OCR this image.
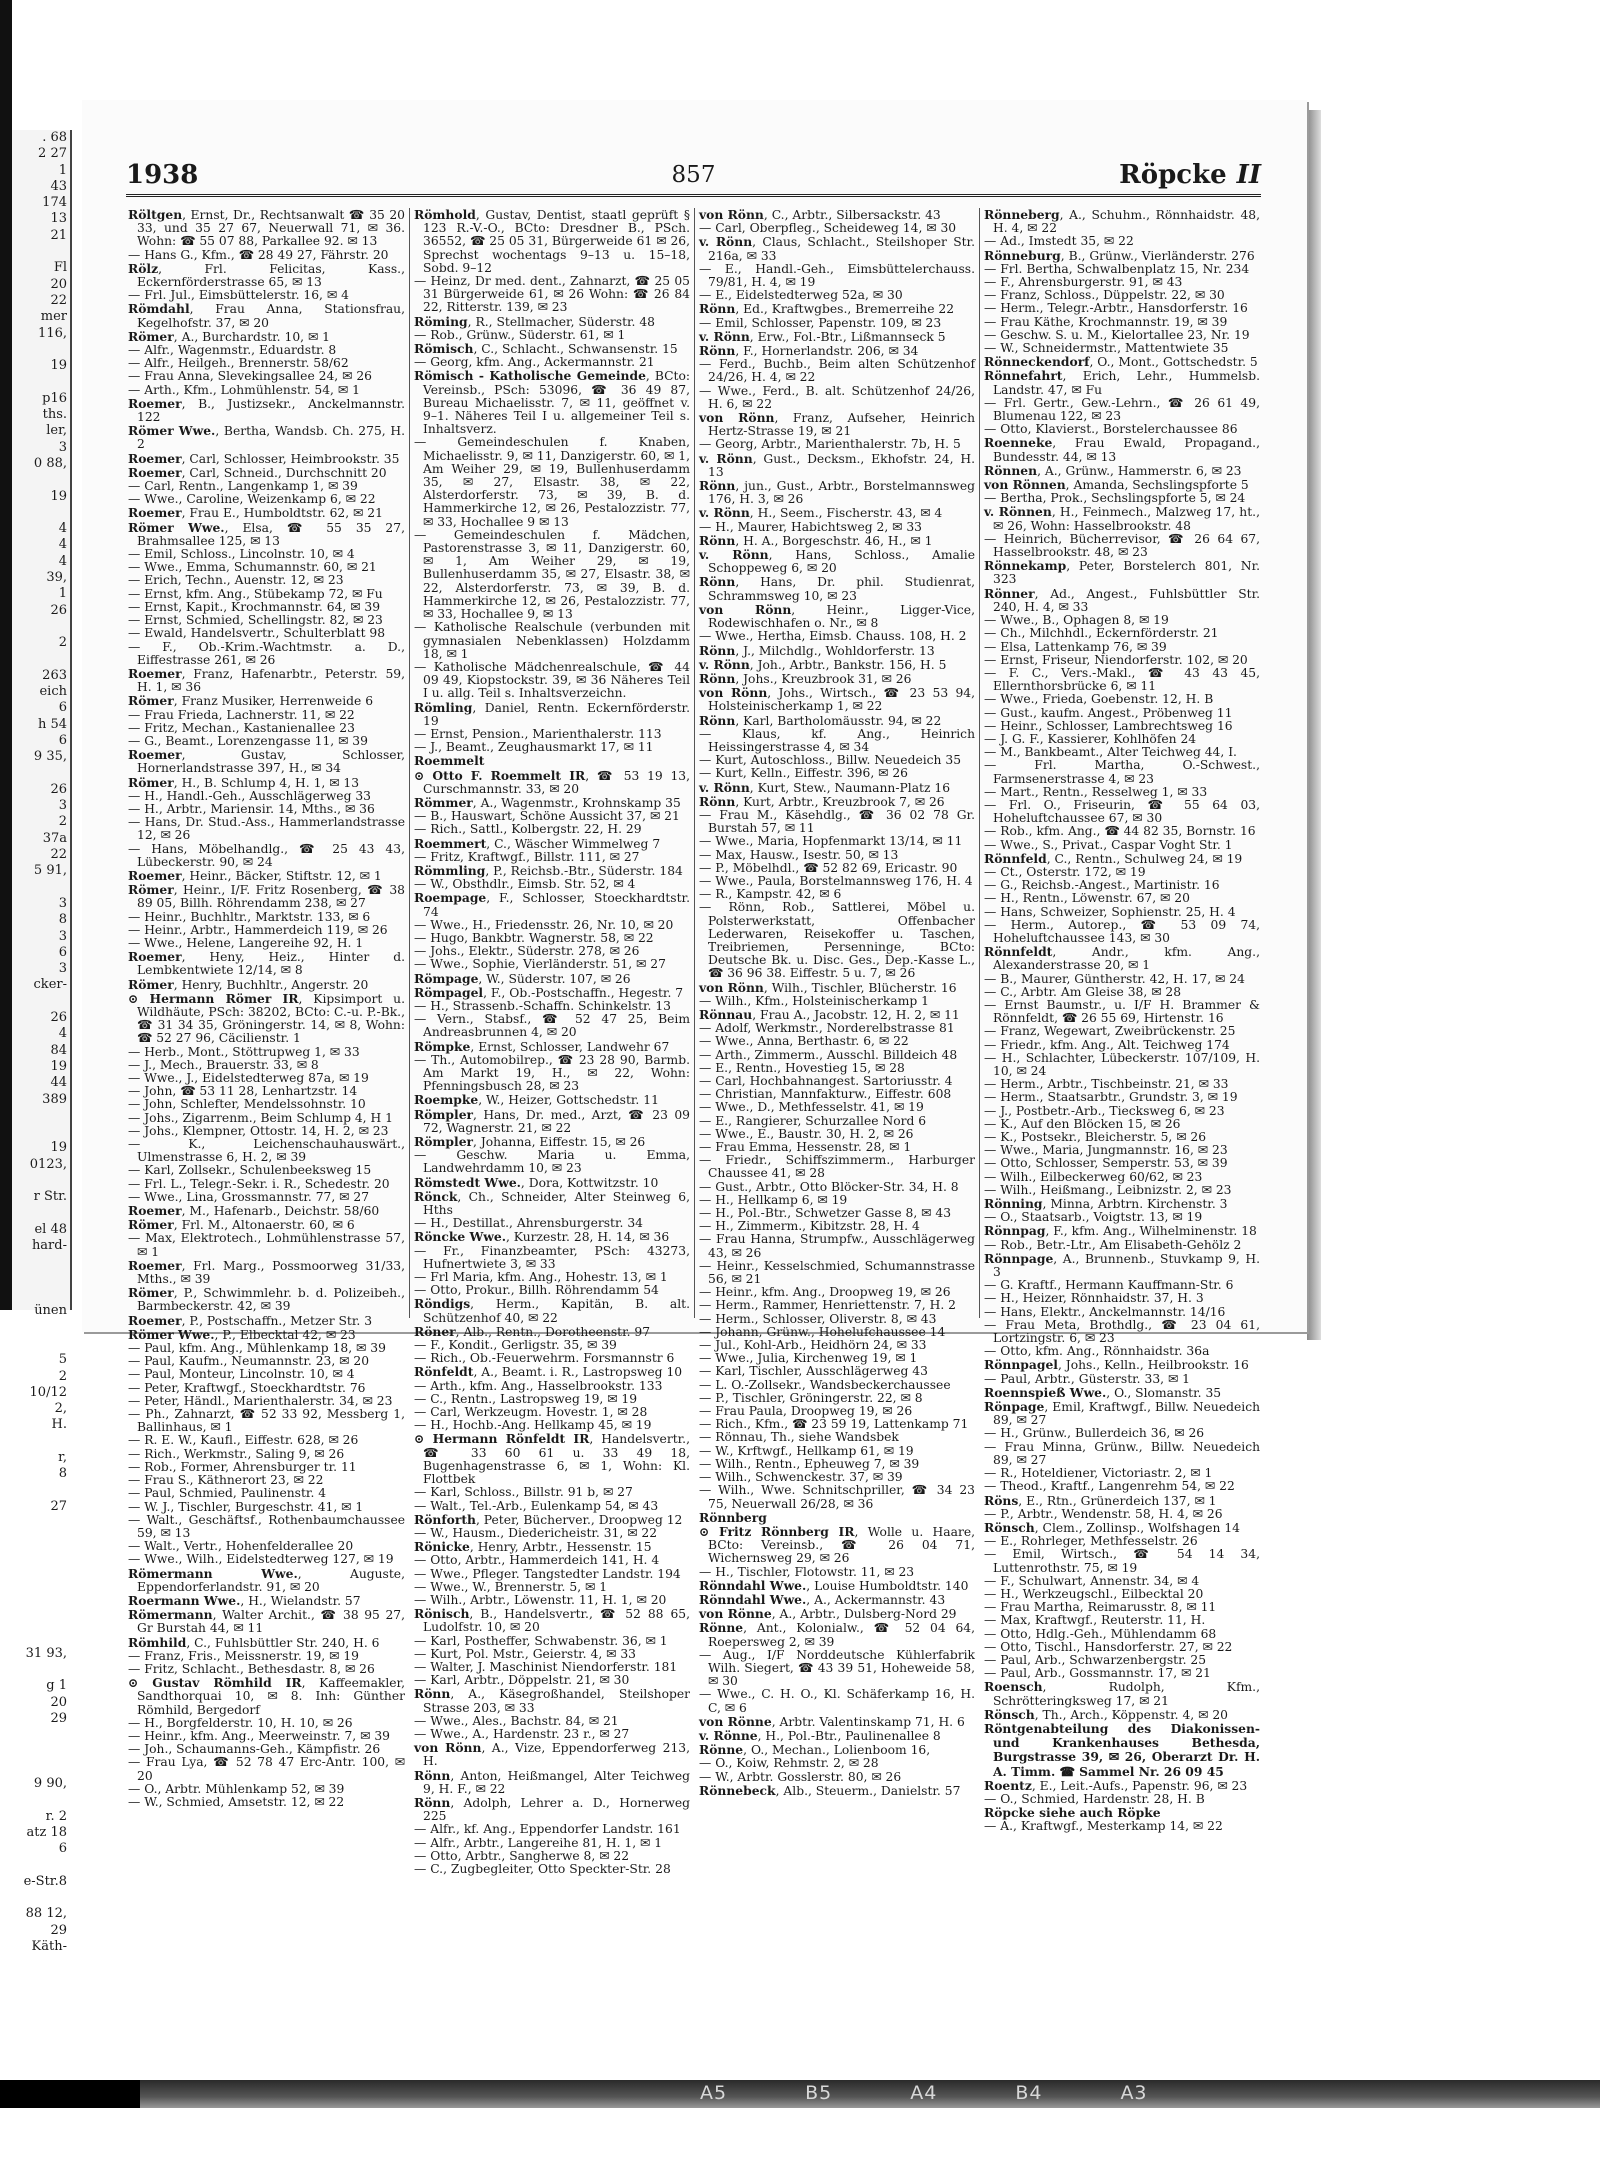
. 68
2 27
1
43
174
13
21

Fl
20
22
mer
116,

19

p16
ths.
ler,
3
0 88,

19

4
4
4
39,
1
26

2

263
eich
6
h 54
6
9 35,

26
3
2
37a
22
5 91,

3
8
3
6
3
cker-

26
4
84
19
44
389

19
0123,

r Str.

el 48
hard-

ünen

5
2
10/12
2,
H.

r,
8

27

31 93,

g 1
20
29

9 90,

r. 2
atz 18
6

e-Str.8

88 12,
29
Käth-
1938	857	Röpcke II

Röltgen, Ernst, Dr., Rechtsanwalt ☎ 35 20 33, und 35 27 67, Neuerwall 71, ✉ 36. Wohn: ☎ 55 07 88, Parkallee 92. ✉ 13

— Hans G., Kfm., ☎ 28 49 27, Fährstr. 20

Rölz, Frl. Felicitas, Kass., Eckernförderstrasse 65, ✉ 13

— Frl. Jul., Eimsbüttelerstr. 16, ✉ 4

Römdahl, Frau Anna, Stationsfrau, Kegelhofstr. 37, ✉ 20

Römer, A., Burchardstr. 10, ✉ 1

— Alfr., Wagenmstr., Eduardstr. 8

— Alfr., Heilgeh., Brennerstr. 58/62

— Frau Anna, Slevekingsallee 24, ✉ 26

— Arth., Kfm., Lohmühlenstr. 54, ✉ 1

Roemer, B., Justizsekr., Anckelmannstr. 122

Römer Wwe., Bertha, Wandsb. Ch. 275, H. 2

Roemer, Carl, Schlosser, Heimbrookstr. 35

Roemer, Carl, Schneid., Durchschnitt 20

— Carl, Rentn., Langenkamp 1, ✉ 39

— Wwe., Caroline, Weizenkamp 6, ✉ 22

Roemer, Frau E., Humboldtstr. 62, ✉ 21

Römer Wwe., Elsa, ☎ 55 35 27, Brahmsallee 125, ✉ 13

— Emil, Schloss., Lincolnstr. 10, ✉ 4

— Wwe., Emma, Schumannstr. 60, ✉ 21

— Erich, Techn., Auenstr. 12, ✉ 23

— Ernst, kfm. Ang., Stübekamp 72, ✉ Fu

— Ernst, Kapit., Krochmannstr. 64, ✉ 39

— Ernst, Schmied, Schellingstr. 82, ✉ 23

— Ewald, Handelsvertr., Schulterblatt 98

— F., Ob.-Krim.-Wachtmstr. a. D., Eiffestrasse 261, ✉ 26

Roemer, Franz, Hafenarbtr., Peterstr. 59, H. 1, ✉ 36

Römer, Franz Musiker, Herrenweide 6

— Frau Frieda, Lachnerstr. 11, ✉ 22

— Fritz, Mechan., Kastanienallee 23

— G., Beamt., Lorenzengasse 11, ✉ 39

Roemer, Gustav, Schlosser, Hornerlandstrasse 397, H., ✉ 34

Römer, H., B. Schlump 4, H. 1, ✉ 13

— H., Handl.-Geh., Ausschlägerweg 33

— H., Arbtr., Mariensir. 14, Mths., ✉ 36

— Hans, Dr. Stud.-Ass., Hammerlandstrasse 12, ✉ 26

— Hans, Möbelhandlg., ☎ 25 43 43, Lübeckerstr. 90, ✉ 24

Roemer, Heinr., Bäcker, Stiftstr. 12, ✉ 1

Römer, Heinr., I/F. Fritz Rosenberg, ☎ 38 89 05, Billh. Röhrendamm 238, ✉ 27

— Heinr., Buchhltr., Marktstr. 133, ✉ 6

— Heinr., Arbtr., Hammerdeich 119, ✉ 26

— Wwe., Helene, Langereihe 92, H. 1

Roemer, Heny, Heiz., Hinter d. Lembkentwiete 12/14, ✉ 8

Römer, Henry, Buchhltr., Angerstr. 20

⊙ Hermann Römer IR, Kipsimport u. Wildhäute, PSch: 38202, BCto: C.-u. P.-Bk., ☎ 31 34 35, Gröningerstr. 14, ✉ 8, Wohn: ☎ 52 27 96, Cäcilienstr. 1

— Herb., Mont., Stöttrupweg 1, ✉ 33

— J., Mech., Brauerstr. 33, ✉ 8

— Wwe., J., Eidelstedterweg 87a, ✉ 19

— John, ☎ 53 11 28, Lenhartzstr. 14

— John, Schlefter, Mendelssohnstr. 10

— Johs., Zigarrenm., Beim Schlump 4, H 1

— Johs., Klempner, Ottostr. 14, H. 2, ✉ 23

— K., Leichenschauhauswärt., Ulmenstrasse 6, H. 2, ✉ 39

— Karl, Zollsekr., Schulenbeeksweg 15

— Frl. L., Telegr.-Sekr. i. R., Schedestr. 20

— Wwe., Lina, Grossmannstr. 77, ✉ 27

Roemer, M., Hafenarb., Deichstr. 58/60

Römer, Frl. M., Altonaerstr. 60, ✉ 6

— Max, Elektrotech., Lohmühlenstrasse 57, ✉ 1

Roemer, Frl. Marg., Possmoorweg 31/33, Mths., ✉ 39

Römer, P., Schwimmlehr. b. d. Polizeibeh., Barmbeckerstr. 42, ✉ 39

Roemer, P., Postschaffn., Metzer Str. 3

Römer Wwe., P., Elbecktal 42, ✉ 23

— Paul, kfm. Ang., Mühlenkamp 18, ✉ 39

— Paul, Kaufm., Neumannstr. 23, ✉ 20

— Paul, Monteur, Lincolnstr. 10, ✉ 4

— Peter, Kraftwgf., Stoeckhardtstr. 76

— Peter, Händl., Marienthalerstr. 34, ✉ 23

— Ph., Zahnarzt, ☎ 52 33 92, Messberg 1, Ballinhaus, ✉ 1

— R. E. W., Kaufl., Eiffestr. 628, ✉ 26

— Rich., Werkmstr., Saling 9, ✉ 26

— Rob., Former, Ahrensburger tr. 11

— Frau S., Käthnerort 23, ✉ 22

— Paul, Schmied, Paulinenstr. 4

— W. J., Tischler, Burgeschstr. 41, ✉ 1

— Walt., Geschäftsf., Rothenbaumchaussee 59, ✉ 13

— Walt., Vertr., Hohenfelderallee 20

— Wwe., Wilh., Eidelstedterweg 127, ✉ 19

Römermann Wwe., Auguste, Eppendorferlandstr. 91, ✉ 20

Roermann Wwe., H., Wielandstr. 57

Römermann, Walter Archit., ☎ 38 95 27, Gr Burstah 44, ✉ 11

Römhild, C., Fuhlsbüttler Str. 240, H. 6

— Franz, Fris., Meissnerstr. 19, ✉ 19

— Fritz, Schlacht., Bethesdastr. 8, ✉ 26

⊙ Gustav Römhild IR, Kaffeemakler, Sandthorquai 10, ✉ 8. Inh: Günther Römhild, Bergedorf

— H., Borgfelderstr. 10, H. 10, ✉ 26

— Heinr., kfm. Ang., Meerweinstr. 7, ✉ 39

— Joh., Schaumanns-Geh., Kämpfistr. 26

— Frau Lya, ☎ 52 78 47 Erc-Antr. 100, ✉ 20

— O., Arbtr. Mühlenkamp 52, ✉ 39

— W., Schmied, Amsetstr. 12, ✉ 22

Römhold, Gustav, Dentist, staatl geprüft § 123 R.-V.-O., BCto: Dresdner B., PSch. 36552, ☎ 25 05 31, Bürgerweide 61 ✉ 26, Sprechst wochentags 9–13 u. 15–18, Sobd. 9–12

— Heinz, Dr med. dent., Zahnarzt, ☎ 25 05 31 Bürgerweide 61, ✉ 26 Wohn: ☎ 26 84 22, Ritterstr. 139, ✉ 23

Röming, R., Stellmacher, Süderstr. 48

— Rob., Grünw., Süderstr. 61, ✉ 1

Römisch, C., Schlacht., Schwansenstr. 15

— Georg, kfm. Ang., Ackermannstr. 21

Römisch - Katholische Gemeinde, BCto: Vereinsb., PSch: 53096, ☎ 36 49 87, Bureau Michaelisstr. 7, ✉ 11, geöffnet v. 9–1. Näheres Teil I u. allgemeiner Teil s. Inhaltsverz.

— Gemeindeschulen f. Knaben, Michaelisstr. 9, ✉ 11, Danzigerstr. 60, ✉ 1, Am Weiher 29, ✉ 19, Bullenhuserdamm 35, ✉ 27, Elsastr. 38, ✉ 22, Alsterdorferstr. 73, ✉ 39, B. d. Hammerkirche 12, ✉ 26, Pestalozzistr. 77, ✉ 33, Hochallee 9 ✉ 13

— Gemeindeschulen f. Mädchen, Pastorenstrasse 3, ✉ 11, Danzigerstr. 60, ✉ 1, Am Weiher 29, ✉ 19, Bullenhuserdamm 35, ✉ 27, Elsastr. 38, ✉ 22, Alsterdorferstr. 73, ✉ 39, B. d. Hammerkirche 12, ✉ 26, Pestalozzistr. 77, ✉ 33, Hochallee 9, ✉ 13

— Katholische Realschule (verbunden mit gymnasialen Nebenklassen) Holzdamm 18, ✉ 1

— Katholische Mädchenrealschule, ☎ 44 09 49, Kiopstockstr. 39, ✉ 36 Näheres Teil I u. allg. Teil s. Inhaltsverzeichn.

Römling, Daniel, Rentn. Eckernförderstr. 19

— Ernst, Pension., Marienthalerstr. 113

— J., Beamt., Zeughausmarkt 17, ✉ 11

Roemmelt

⊙ Otto F. Roemmelt IR, ☎ 53 19 13, Curschmannstr. 33, ✉ 20

Römmer, A., Wagenmstr., Krohnskamp 35

— B., Hauswart, Schöne Aussicht 37, ✉ 21

— Rich., Sattl., Kolbergstr. 22, H. 29

Roemmert, C., Wäscher Wimmelweg 7

— Fritz, Kraftwgf., Billstr. 111, ✉ 27

Römmling, P., Reichsb.-Btr., Süderstr. 184

— W., Obsthdlr., Eimsb. Str. 52, ✉ 4

Roempage, F., Schlosser, Stoeckhardtstr. 74

— Wwe., H., Friedensstr. 26, Nr. 10, ✉ 20

— Hugo, Bankbtr. Wagnerstr. 58, ✉ 22

— Johs., Elektr., Süderstr. 278, ✉ 26

— Wwe., Sophie, Vierländerstr. 51, ✉ 27

Römpage, W., Süderstr. 107, ✉ 26

Römpagel, F., Ob.-Postschaffn., Hegestr. 7

— H., Strassenb.-Schaffn. Schinkelstr. 13

— Vern., Stabsf., ☎ 52 47 25, Beim Andreasbrunnen 4, ✉ 20

Römpke, Ernst, Schlosser, Landwehr 67

— Th., Automobilrep., ☎ 23 28 90, Barmb. Am Markt 19, H., ✉ 22, Wohn: Pfenningsbusch 28, ✉ 23

Roempke, W., Heizer, Gottschedstr. 11

Römpler, Hans, Dr. med., Arzt, ☎ 23 09 72, Wagnerstr. 21, ✉ 22

Römpler, Johanna, Eiffestr. 15, ✉ 26

— Geschw. Maria u. Emma, Landwehrdamm 10, ✉ 23

Römstedt Wwe., Dora, Kottwitzstr. 10

Rönck, Ch., Schneider, Alter Steinweg 6, Hths

— H., Destillat., Ahrensburgerstr. 34

Röncke Wwe., Kurzestr. 28, H. 14, ✉ 36

— Fr., Finanzbeamter, PSch: 43273, Hufnertwiete 3, ✉ 33

— Frl Maria, kfm. Ang., Hohestr. 13, ✉ 1

— Otto, Prokur., Billh. Röhrendamm 54

Röndigs, Herm., Kapitän, B. alt. Schützenhof 40, ✉ 22

Röner, Alb., Rentn., Dorotheenstr. 97

— F., Kondit., Gerligstr. 35, ✉ 39

— Rich., Ob.-Feuerwehrm. Forsmannstr 6

Rönfeldt, A., Beamt. i. R., Lastropsweg 10

— Arth., kfm. Ang., Hasselbrookstr. 133

— C., Rentn., Lastropsweg 19, ✉ 19

— Carl, Werkzeugm. Hovestr. 1, ✉ 28

— H., Hochb.-Ang. Hellkamp 45, ✉ 19

⊙ Hermann Rönfeldt IR, Handelsvertr., ☎ 33 60 61 u. 33 49 18, Bugenhagenstrasse 6, ✉ 1, Wohn: Kl. Flottbek

— Karl, Schloss., Billstr. 91 b, ✉ 27

— Walt., Tel.-Arb., Eulenkamp 54, ✉ 43

Rönforth, Peter, Bücherver., Droopweg 12

— W., Hausm., Diedericheistr. 31, ✉ 22

Rönicke, Henry, Arbtr., Hessenstr. 15

— Otto, Arbtr., Hammerdeich 141, H. 4

— Wwe., Pfleger. Tangstedter Landstr. 194

— Wwe., W., Brennerstr. 5, ✉ 1

— Wilh., Arbtr., Löwenstr. 11, H. 1, ✉ 20

Rönisch, B., Handelsvertr., ☎ 52 88 65, Ludolfstr. 10, ✉ 20

— Karl, Postheffer, Schwabenstr. 36, ✉ 1

— Kurt, Pol. Mstr., Geierstr. 4, ✉ 33

— Walter, J. Maschinist Niendorferstr. 181

— Karl, Arbtr., Döppelstr. 21, ✉ 30

Rönn, A., Käsegroßhandel, Steilshoper Strasse 203, ✉ 33

— Wwe., Ales., Bachstr. 84, ✉ 21

— Wwe., A., Hardenstr. 23 r., ✉ 27

von Rönn, A., Vize, Eppendorferweg 213, H.

Rönn, Anton, Heißmangel, Alter Teichweg 9, H. F., ✉ 22

Rönn, Adolph, Lehrer a. D., Hornerweg 225

— Alfr., kf. Ang., Eppendorfer Landstr. 161

— Alfr., Arbtr., Langereihe 81, H. 1, ✉ 1

— Otto, Arbtr., Sangherwe 8, ✉ 22

— C., Zugbegleiter, Otto Speckter-Str. 28

von Rönn, C., Arbtr., Silbersackstr. 43

— Carl, Oberpfleg., Scheideweg 14, ✉ 30

v. Rönn, Claus, Schlacht., Steilshoper Str. 216a, ✉ 33

— E., Handl.-Geh., Eimsbüttelerchauss. 79/81, H. 4, ✉ 19

— E., Eidelstedterweg 52a, ✉ 30

Rönn, Ed., Kraftwgbes., Bremerreihe 22

— Emil, Schlosser, Papenstr. 109, ✉ 23

v. Rönn, Erw., Fol.-Btr., Lißmannseck 5

Rönn, F., Hornerlandstr. 206, ✉ 34

— Ferd., Buchb., Beim alten Schützenhof 24/26, H. 4, ✉ 22

— Wwe., Ferd., B. alt. Schützenhof 24/26, H. 6, ✉ 22

von Rönn, Franz, Aufseher, Heinrich Hertz-Strasse 19, ✉ 21

— Georg, Arbtr., Marienthalerstr. 7b, H. 5

v. Rönn, Gust., Decksm., Ekhofstr. 24, H. 13

Rönn, jun., Gust., Arbtr., Borstelmannsweg 176, H. 3, ✉ 26

v. Rönn, H., Seem., Fischerstr. 43, ✉ 4

— H., Maurer, Habichtsweg 2, ✉ 33

Rönn, H. A., Borgeschstr. 46, H., ✉ 1

v. Rönn, Hans, Schloss., Amalie Schoppeweg 6, ✉ 20

Rönn, Hans, Dr. phil. Studienrat, Schrammsweg 10, ✉ 23

von Rönn, Heinr., Ligger-Vice, Rodewischhafen o. Nr., ✉ 8

— Wwe., Hertha, Eimsb. Chauss. 108, H. 2

Rönn, J., Milchdlg., Wohldorferstr. 13

v. Rönn, Joh., Arbtr., Bankstr. 156, H. 5

Rönn, Johs., Kreuzbrook 31, ✉ 26

von Rönn, Johs., Wirtsch., ☎ 23 53 94, Holsteinischerkamp 1, ✉ 22

Rönn, Karl, Bartholomäusstr. 94, ✉ 22

— Klaus, kf. Ang., Heinrich Heissingerstrasse 4, ✉ 34

— Kurt, Autoschloss., Billw. Neuedeich 35

— Kurt, Kelln., Eiffestr. 396, ✉ 26

v. Rönn, Kurt, Stew., Naumann-Platz 16

Rönn, Kurt, Arbtr., Kreuzbrook 7, ✉ 26

— Frau M., Käsehdlg., ☎ 36 02 78 Gr. Burstah 57, ✉ 11

— Wwe., Maria, Hopfenmarkt 13/14, ✉ 11

— Max, Hausw., Isestr. 50, ✉ 13

— P., Möbelhdl., ☎ 52 82 69, Ericastr. 90

— Wwe., Paula, Borstelmannsweg 176, H. 4

— R., Kampstr. 42, ✉ 6

— Rönn, Rob., Sattlerei, Möbel u. Polsterwerkstatt, Offenbacher Lederwaren, Reisekoffer u. Taschen, Treibriemen, Persenninge, BCto: Deutsche Bk. u. Disc. Ges., Dep.-Kasse L., ☎ 36 96 38. Eiffestr. 5 u. 7, ✉ 26

von Rönn, Wilh., Tischler, Blücherstr. 16

— Wilh., Kfm., Holsteinischerkamp 1

Rönnau, Frau A., Jacobstr. 12, H. 2, ✉ 11

— Adolf, Werkmstr., Norderelbstrasse 81

— Wwe., Anna, Berthastr. 6, ✉ 22

— Arth., Zimmerm., Ausschl. Billdeich 48

— E., Rentn., Hovestieg 15, ✉ 28

— Carl, Hochbahnangest. Sartoriusstr. 4

— Christian, Mannfakturw., Eiffestr. 608

— Wwe., D., Methfesselstr. 41, ✉ 19

— E., Rangierer, Schurzallee Nord 6

— Wwe., E., Baustr. 30, H. 2, ✉ 26

— Frau Emma, Hessenstr. 28, ✉ 1

— Friedr., Schiffszimmerm., Harburger Chaussee 41, ✉ 28

— Gust., Arbtr., Otto Blöcker-Str. 34, H. 8

— H., Hellkamp 6, ✉ 19

— H., Pol.-Btr., Schwetzer Gasse 8, ✉ 43

— H., Zimmerm., Kibitzstr. 28, H. 4

— Frau Hanna, Strumpfw., Ausschlägerweg 43, ✉ 26

— Heinr., Kesselschmied, Schumannstrasse 56, ✉ 21

— Heinr., kfm. Ang., Droopweg 19, ✉ 26

— Herm., Rammer, Henriettenstr. 7, H. 2

— Herm., Schlosser, Oliverstr. 8, ✉ 43

— Johann, Grünw., Hohelufchaussee 14

— Jul., Kohl-Arb., Heidhörn 24, ✉ 33

— Wwe., Julia, Kirchenweg 19, ✉ 1

— Karl, Tischler, Ausschlägerweg 43

— L. O.-Zollsekr., Wandsbeckerchaussee

— P., Tischler, Gröningerstr. 22, ✉ 8

— Frau Paula, Droopweg 19, ✉ 26

— Rich., Kfm., ☎ 23 59 19, Lattenkamp 71

— Rönnau, Th., siehe Wandsbek

— W., Krftwgf., Hellkamp 61, ✉ 19

— Wilh., Rentn., Epheuweg 7, ✉ 39

— Wilh., Schwenckestr. 37, ✉ 39

— Wilh., Wwe. Schnitschpriller, ☎ 34 23 75, Neuerwall 26/28, ✉ 36

Rönnberg

⊙ Fritz Rönnberg IR, Wolle u. Haare, BCto: Vereinsb., ☎ 26 04 71, Wichernsweg 29, ✉ 26

— H., Tischler, Flotowstr. 11, ✉ 23

Rönndahl Wwe., Louise Humboldtstr. 140

Rönndahl Wwe., A., Ackermannstr. 43

von Rönne, A., Arbtr., Dulsberg-Nord 29

Rönne, Ant., Kolonialw., ☎ 52 04 64, Roepersweg 2, ✉ 39

— Aug., I/F Norddeutsche Kühlerfabrik Wilh. Siegert, ☎ 43 39 51, Hoheweide 58, ✉ 30

— Wwe., C. H. O., Kl. Schäferkamp 16, H. C, ✉ 6

von Rönne, Arbtr. Valentinskamp 71, H. 6

v. Rönne, H., Pol.-Btr., Paulinenallee 8

Rönne, O., Mechan., Lolienboom 16,

— O., Koiw, Rehmstr. 2, ✉ 28

— W., Arbtr. Gosslerstr. 80, ✉ 26

Rönnebeck, Alb., Steuerm., Danielstr. 57

Rönneberg, A., Schuhm., Rönnhaidstr. 48, H. 4, ✉ 22

— Ad., Imstedt 35, ✉ 22

Rönneburg, B., Grünw., Vierländerstr. 276

— Frl. Bertha, Schwalbenplatz 15, Nr. 234

— F., Ahrensburgerstr. 91, ✉ 43

— Franz, Schloss., Düppelstr. 22, ✉ 30

— Herm., Telegr.-Arbtr., Hansdorferstr. 16

— Frau Käthe, Krochmannstr. 19, ✉ 39

— Geschw. S. u. M., Kielortallee 23, Nr. 19

— W., Schneidermstr., Mattentwiete 35

Rönneckendorf, O., Mont., Gottschedstr. 5

Rönnefahrt, Erich, Lehr., Hummelsb. Landstr. 47, ✉ Fu

— Frl. Gertr., Gew.-Lehrn., ☎ 26 61 49, Blumenau 122, ✉ 23

— Otto, Klavierst., Borstelerchaussee 86

Roenneke, Frau Ewald, Propagand., Bundesstr. 44, ✉ 13

Rönnen, A., Grünw., Hammerstr. 6, ✉ 23

von Rönnen, Amanda, Sechslingspforte 5

— Bertha, Prok., Sechslingspforte 5, ✉ 24

v. Rönnen, H., Feinmech., Malzweg 17, ht., ✉ 26, Wohn: Hasselbrookstr. 48

— Heinrich, Bücherrevisor, ☎ 26 64 67, Hasselbrookstr. 48, ✉ 23

Rönnekamp, Peter, Borstelerch 801, Nr. 323

Rönner, Ad., Angest., Fuhlsbüttler Str. 240, H. 4, ✉ 33

— Wwe., B., Ophagen 8, ✉ 19

— Ch., Milchhdl., Eckernförderstr. 21

— Elsa, Lattenkamp 76, ✉ 39

— Ernst, Friseur, Niendorferstr. 102, ✉ 20

— F. C., Vers.-Makl., ☎ 43 43 45, Ellernthorsbrücke 6, ✉ 11

— Wwe., Frieda, Goebenstr. 12, H. B

— Gust., kaufm. Angest., Pröbenweg 11

— Heinr., Schlosser, Lambrechtsweg 16

— J. G. F., Kassierer, Kohlhöfen 24

— M., Bankbeamt., Alter Teichweg 44, I.

— Frl. Martha, O.-Schwest., Farmsenerstrasse 4, ✉ 23

— Mart., Rentn., Resselweg 1, ✉ 33

— Frl. O., Friseurin, ☎ 55 64 03, Hoheluftchaussee 67, ✉ 30

— Rob., kfm. Ang., ☎ 44 82 35, Bornstr. 16

— Wwe., S., Privat., Caspar Voght Str. 1

Rönnfeld, C., Rentn., Schulweg 24, ✉ 19

— Ct., Osterstr. 172, ✉ 19

— G., Reichsb.-Angest., Martinistr. 16

— H., Rentn., Löwenstr. 67, ✉ 20

— Hans, Schweizer, Sophienstr. 25, H. 4

— Herm., Autorep., ☎ 53 09 74, Hoheluftchaussee 143, ✉ 30

Rönnfeldt, Andr., kfm. Ang., Alexanderstrasse 20, ✉ 1

— B., Maurer, Güntherstr. 42, H. 17, ✉ 24

— C., Arbtr. Am Gleise 38, ✉ 28

— Ernst Baumstr., u. I/F H. Brammer & Rönnfeldt, ☎ 26 55 69, Hirtenstr. 16

— Franz, Wegewart, Zweibrückenstr. 25

— Friedr., kfm. Ang., Alt. Teichweg 174

— H., Schlachter, Lübeckerstr. 107/109, H. 10, ✉ 24

— Herm., Arbtr., Tischbeinstr. 21, ✉ 33

— Herm., Staatsarbtr., Grundstr. 3, ✉ 19

— J., Postbetr.-Arb., Tiecksweg 6, ✉ 23

— K., Auf den Blöcken 15, ✉ 26

— K., Postsekr., Bleicherstr. 5, ✉ 26

— Wwe., Maria, Jungmannstr. 16, ✉ 23

— Otto, Schlosser, Semperstr. 53, ✉ 39

— Wilh., Eilbeckerweg 60/62, ✉ 23

— Wilh., Heißmang., Leibnizstr. 2, ✉ 23

Rönning, Minna, Arbtrn. Kirchenstr. 3

— O., Staatsarb., Voigtstr. 13, ✉ 19

Rönnpag, F., kfm. Ang., Wilhelminenstr. 18

— Rob., Betr.-Ltr., Am Elisabeth-Gehölz 2

Rönnpage, A., Brunnenb., Stuvkamp 9, H. 3

— G. Kraftf., Hermann Kauffmann-Str. 6

— H., Heizer, Rönnhaidstr. 37, H. 3

— Hans, Elektr., Anckelmannstr. 14/16

— Frau Meta, Brothdlg., ☎ 23 04 61, Lortzingstr. 6, ✉ 23

— Otto, kfm. Ang., Rönnhaidstr. 36a

Rönnpagel, Johs., Kelln., Heilbrookstr. 16

— Paul, Arbtr., Güsterstr. 33, ✉ 1

Roennspieß Wwe., O., Slomanstr. 35

Rönpage, Emil, Kraftwgf., Billw. Neuedeich 89, ✉ 27

— H., Grünw., Bullerdeich 36, ✉ 26

— Frau Minna, Grünw., Billw. Neuedeich 89, ✉ 27

— R., Hoteldiener, Victoriastr. 2, ✉ 1

— Theod., Kraftf., Langenrehm 54, ✉ 22

Röns, E., Rtn., Grünerdeich 137, ✉ 1

— P., Arbtr., Wendenstr. 58, H. 4, ✉ 26

Rönsch, Clem., Zollinsp., Wolfshagen 14

— E., Rohrleger, Methfesselstr. 26

— Emil, Wirtsch., ☎ 54 14 34, Luttenrothstr. 75, ✉ 19

— F., Schulwart, Annenstr. 34, ✉ 4

— H., Werkzeugschl., Eilbecktal 20

— Frau Martha, Reimarusstr. 8, ✉ 11

— Max, Kraftwgf., Reuterstr. 11, H.

— Otto, Hdlg.-Geh., Mühlendamm 68

— Otto, Tischl., Hansdorferstr. 27, ✉ 22

— Paul, Arb., Schwarzenbergstr. 25

— Paul, Arb., Gossmannstr. 17, ✉ 21

Roensch, Rudolph, Kfm., Schrötteringksweg 17, ✉ 21

Rönsch, Th., Arch., Köppenstr. 4, ✉ 20

Röntgenabteilung des Diakonissen- und Krankenhauses Bethesda, Burgstrasse 39, ✉ 26, Oberarzt Dr. H. A. Timm. ☎ Sammel Nr. 26 09 45

Roentz, E., Leit.-Aufs., Papenstr. 96, ✉ 23

— O., Schmied, Hardenstr. 28, H. B

Röpcke siehe auch Röpke

— A., Kraftwgf., Mesterkamp 14, ✉ 22

A5	B5	A4	B4	A3
